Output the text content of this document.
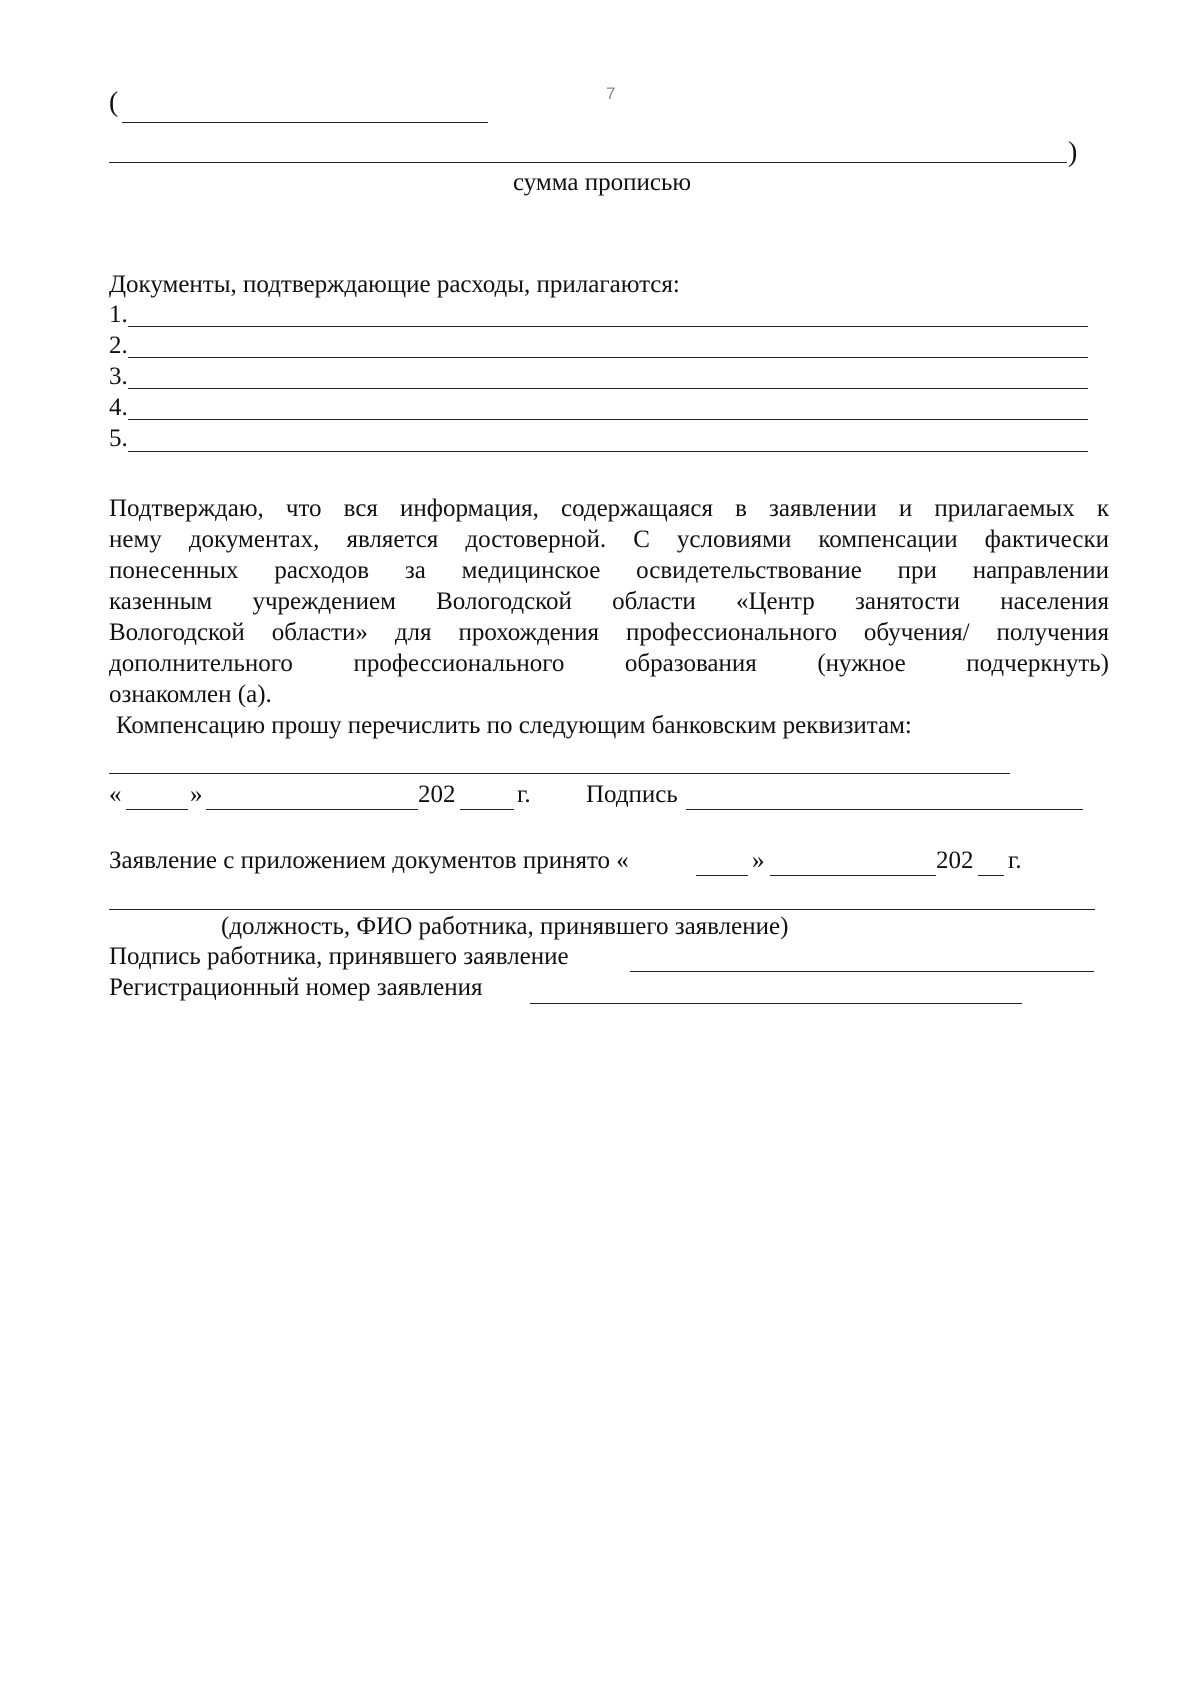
7
(
)
сумма прописью
Документы, подтверждающие расходы, прилагаются:
1.
2.
3.
4.
5.
Подтверждаю, что вся информация, содержащаяся в заявлении и прилагаемых к
нему документах, является достоверной. С условиями компенсации фактически
понесенных расходов за медицинское освидетельствование при направлении
казенным учреждением Вологодской области «Центр занятости населения
Вологодской области» для прохождения профессионального обучения/ получения
дополнительного профессионального образования (нужное подчеркнуть)
ознакомлен (а).
Компенсацию прошу перечислить по следующим банковским реквизитам:
«	»	202 г. Подпись
Заявление с приложением документов принято «	»	202 г.
(должность, ФИО работника, принявшего заявление)
Подпись работника, принявшего заявление
Регистрационный номер заявления
